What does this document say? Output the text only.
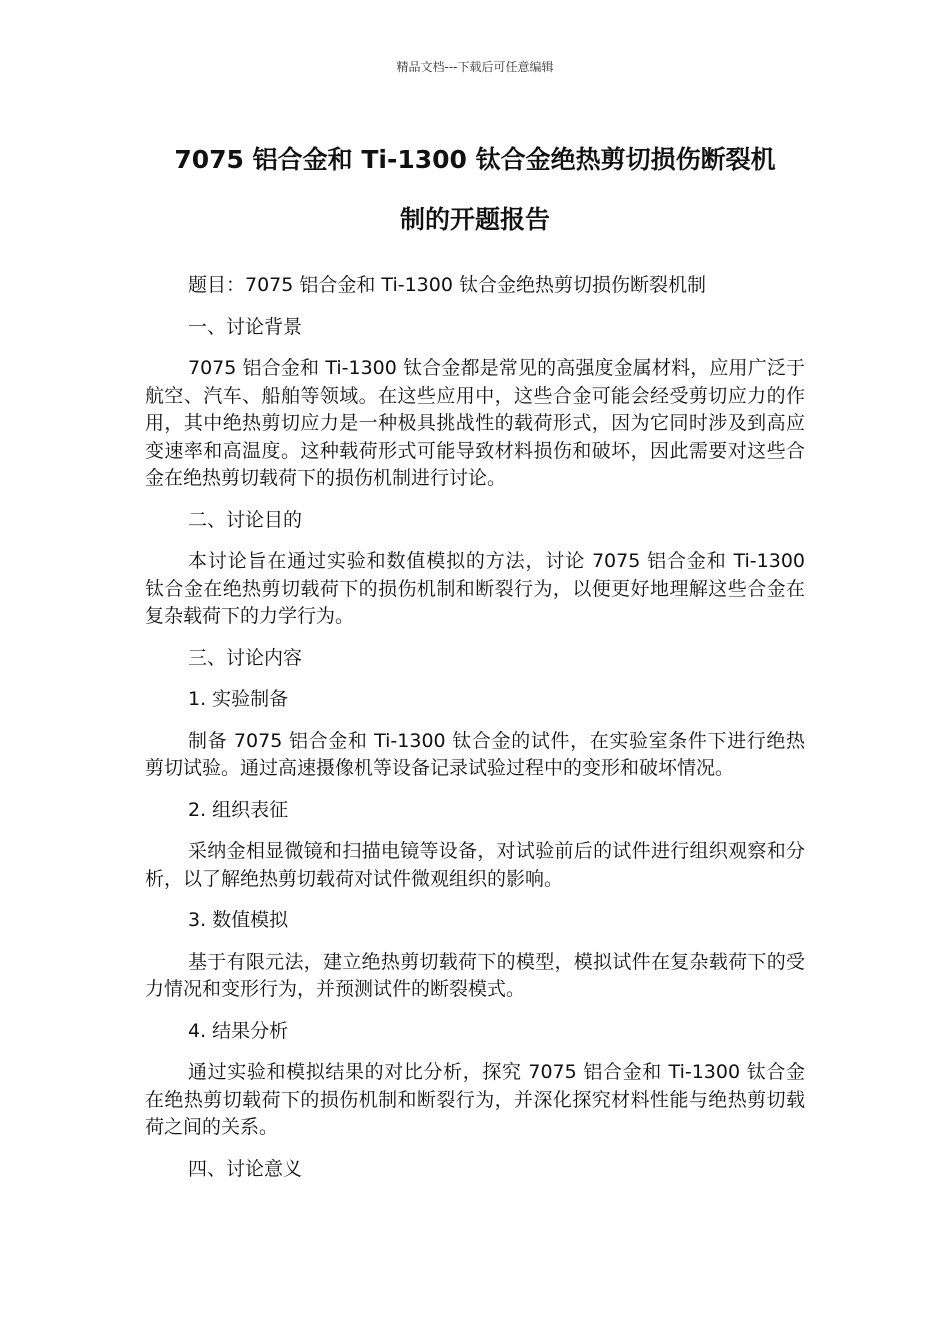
精品文档---下载后可任意编辑
7075 铝合金和 Ti-1300 钛合金绝热剪切损伤断裂机
制的开题报告
题目：7075 铝合金和 Ti-1300 钛合金绝热剪切损伤断裂机制
一、讨论背景

7075 铝合金和 Ti-1300 钛合金都是常见的高强度金属材料，应用广泛于航空、汽车、船舶等领域。在这些应用中，这些合金可能会经受剪切应力的作用，其中绝热剪切应力是一种极具挑战性的载荷形式，因为它同时涉及到高应变速率和高温度。这种载荷形式可能导致材料损伤和破坏，因此需要对这些合金在绝热剪切载荷下的损伤机制进行讨论。

二、讨论目的

本讨论旨在通过实验和数值模拟的方法，讨论 7075 铝合金和 Ti-1300 钛合金在绝热剪切载荷下的损伤机制和断裂行为，以便更好地理解这些合金在复杂载荷下的力学行为。

三、讨论内容
1. 实验制备

制备 7075 铝合金和 Ti-1300 钛合金的试件，在实验室条件下进行绝热剪切试验。通过高速摄像机等设备记录试验过程中的变形和破坏情况。

2. 组织表征

采纳金相显微镜和扫描电镜等设备，对试验前后的试件进行组织观察和分析，以了解绝热剪切载荷对试件微观组织的影响。

3. 数值模拟

基于有限元法，建立绝热剪切载荷下的模型，模拟试件在复杂载荷下的受力情况和变形行为，并预测试件的断裂模式。

4. 结果分析

通过实验和模拟结果的对比分析，探究 7075 铝合金和 Ti-1300 钛合金在绝热剪切载荷下的损伤机制和断裂行为，并深化探究材料性能与绝热剪切载荷之间的关系。

四、讨论意义
